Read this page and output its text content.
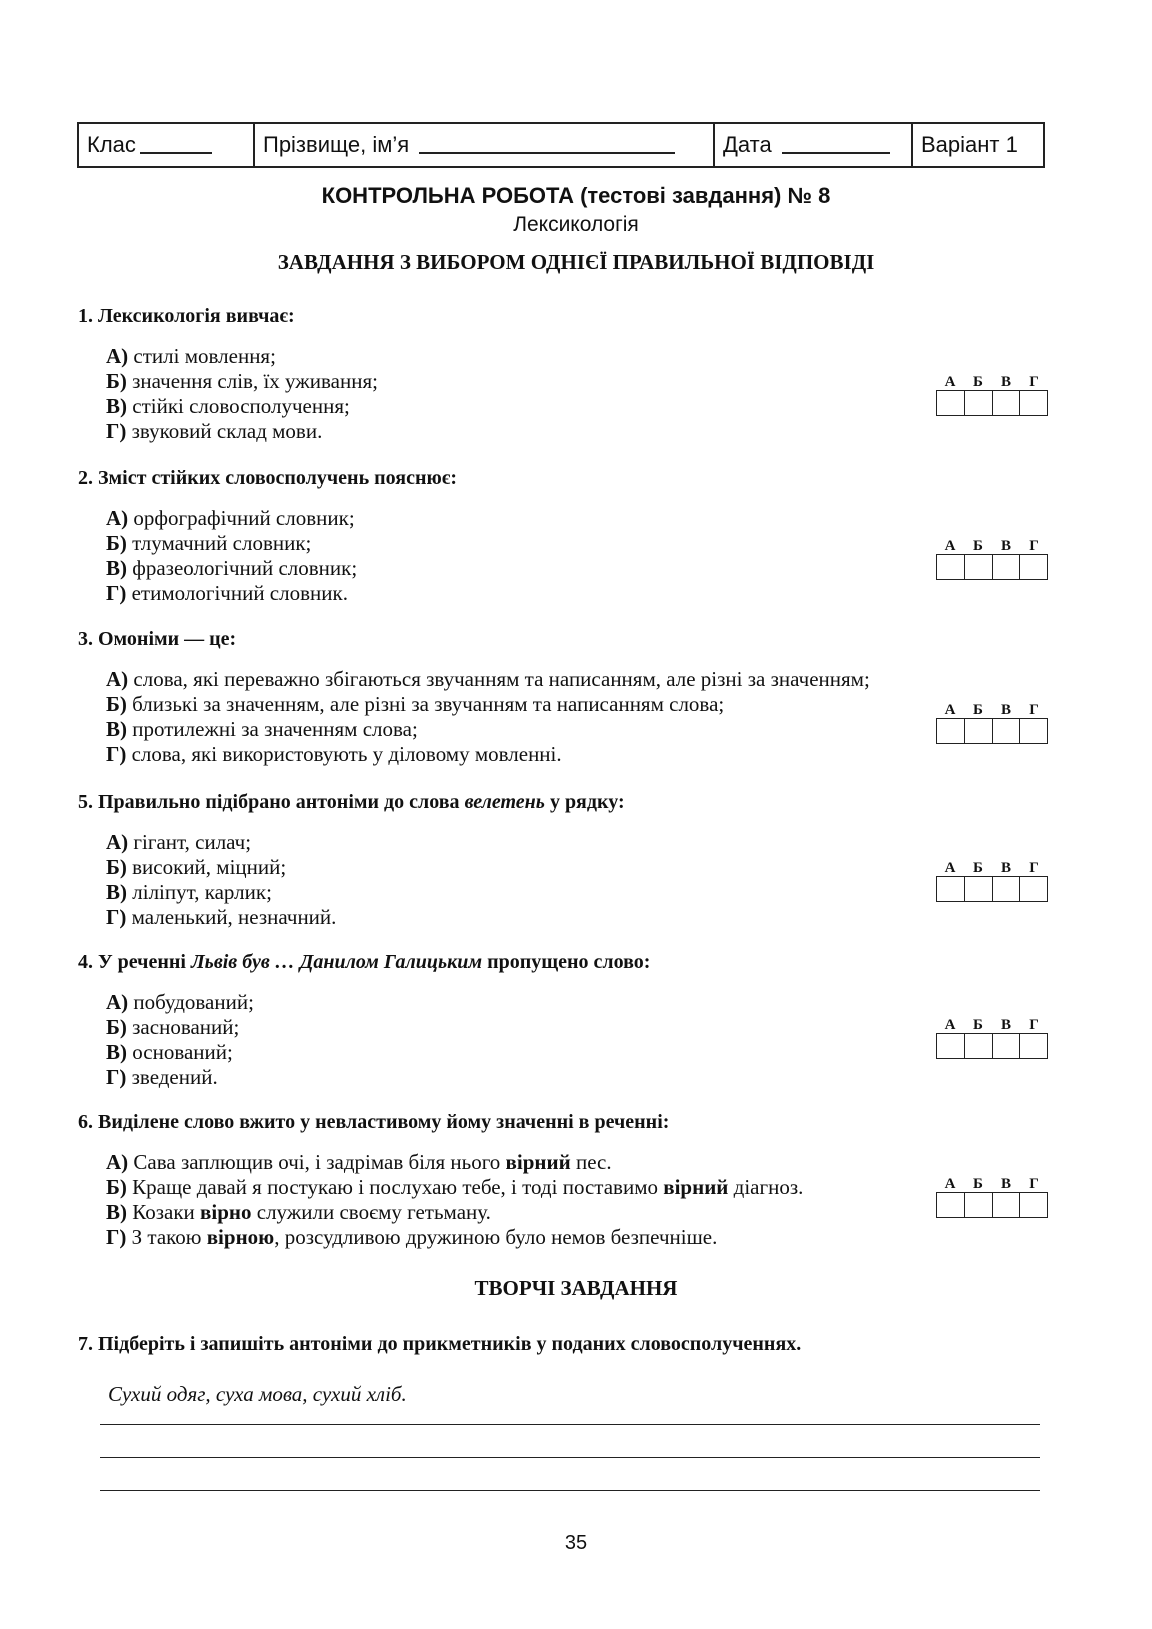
Клас	Прізвище, ім’я	Дата	Варіант 1
КОНТРОЛЬНА РОБОТА (тестові завдання) № 8
Лексикологія
ЗАВДАННЯ З ВИБОРОМ ОДНІЄЇ ПРАВИЛЬНОЇ ВІДПОВІДІ
1. Лексикологія вивчає:
А) стилі мовлення;
Б) значення слів, їх уживання;
В) стійкі словосполучення;
Г) звуковий склад мови.
А	Б	В	Г
2. Зміст стійких словосполучень пояснює:
А) орфографічний словник;
Б) тлумачний словник;
В) фразеологічний словник;
Г) етимологічний словник.
А	Б	В	Г
3. Омоніми — це:
А) слова, які переважно збігаються звучанням та написанням, але різні за значенням;
Б) близькі за значенням, але різні за звучанням та написанням слова;
В) протилежні за значенням слова;
Г) слова, які використовують у діловому мовленні.
А	Б	В	Г
5. Правильно підібрано антоніми до слова велетень у рядку:
А) гігант, силач;
Б) високий, міцний;
В) ліліпут, карлик;
Г) маленький, незначний.
А	Б	В	Г
4. У реченні Львів був … Данилом Галицьким пропущено слово:
А) побудований;
Б) заснований;
В) оснований;
Г) зведений.
А	Б	В	Г
6. Виділене слово вжито у невластивому йому значенні в реченні:
А) Сава заплющив очі, і задрімав біля нього вірний пес.
Б) Краще давай я постукаю і послухаю тебе, і тоді поставимо вірний діагноз.
В) Козаки вірно служили своєму гетьману.
Г) З такою вірною, розсудливою дружиною було немов безпечніше.
А	Б	В	Г
ТВОРЧІ ЗАВДАННЯ
7. Підберіть і запишіть антоніми до прикметників у поданих словосполученнях.
Сухий одяг, суха мова, сухий хліб.
35
